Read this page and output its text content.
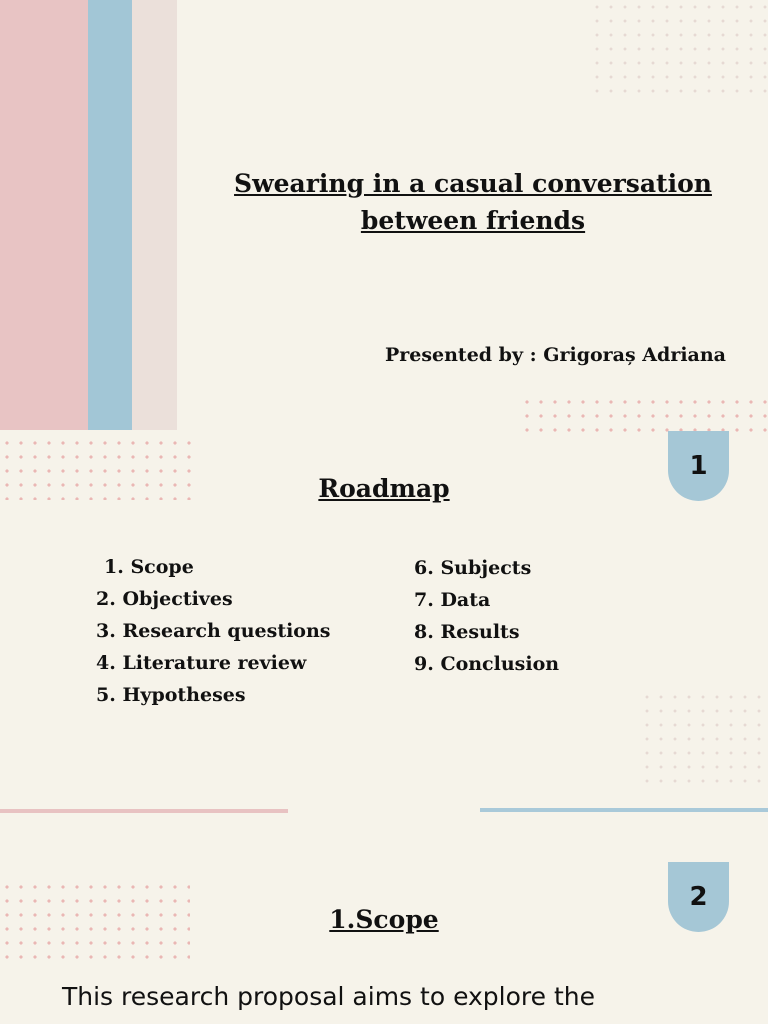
Swearing in a casual conversation
between friends
Presented by : Grigoraș Adriana
1
Roadmap
1. Scope
2. Objectives
3. Research questions
4. Literature review
5. Hypotheses
6. Subjects
7. Data
8. Results
9. Conclusion
2
1.Scope
This research proposal aims to explore the
